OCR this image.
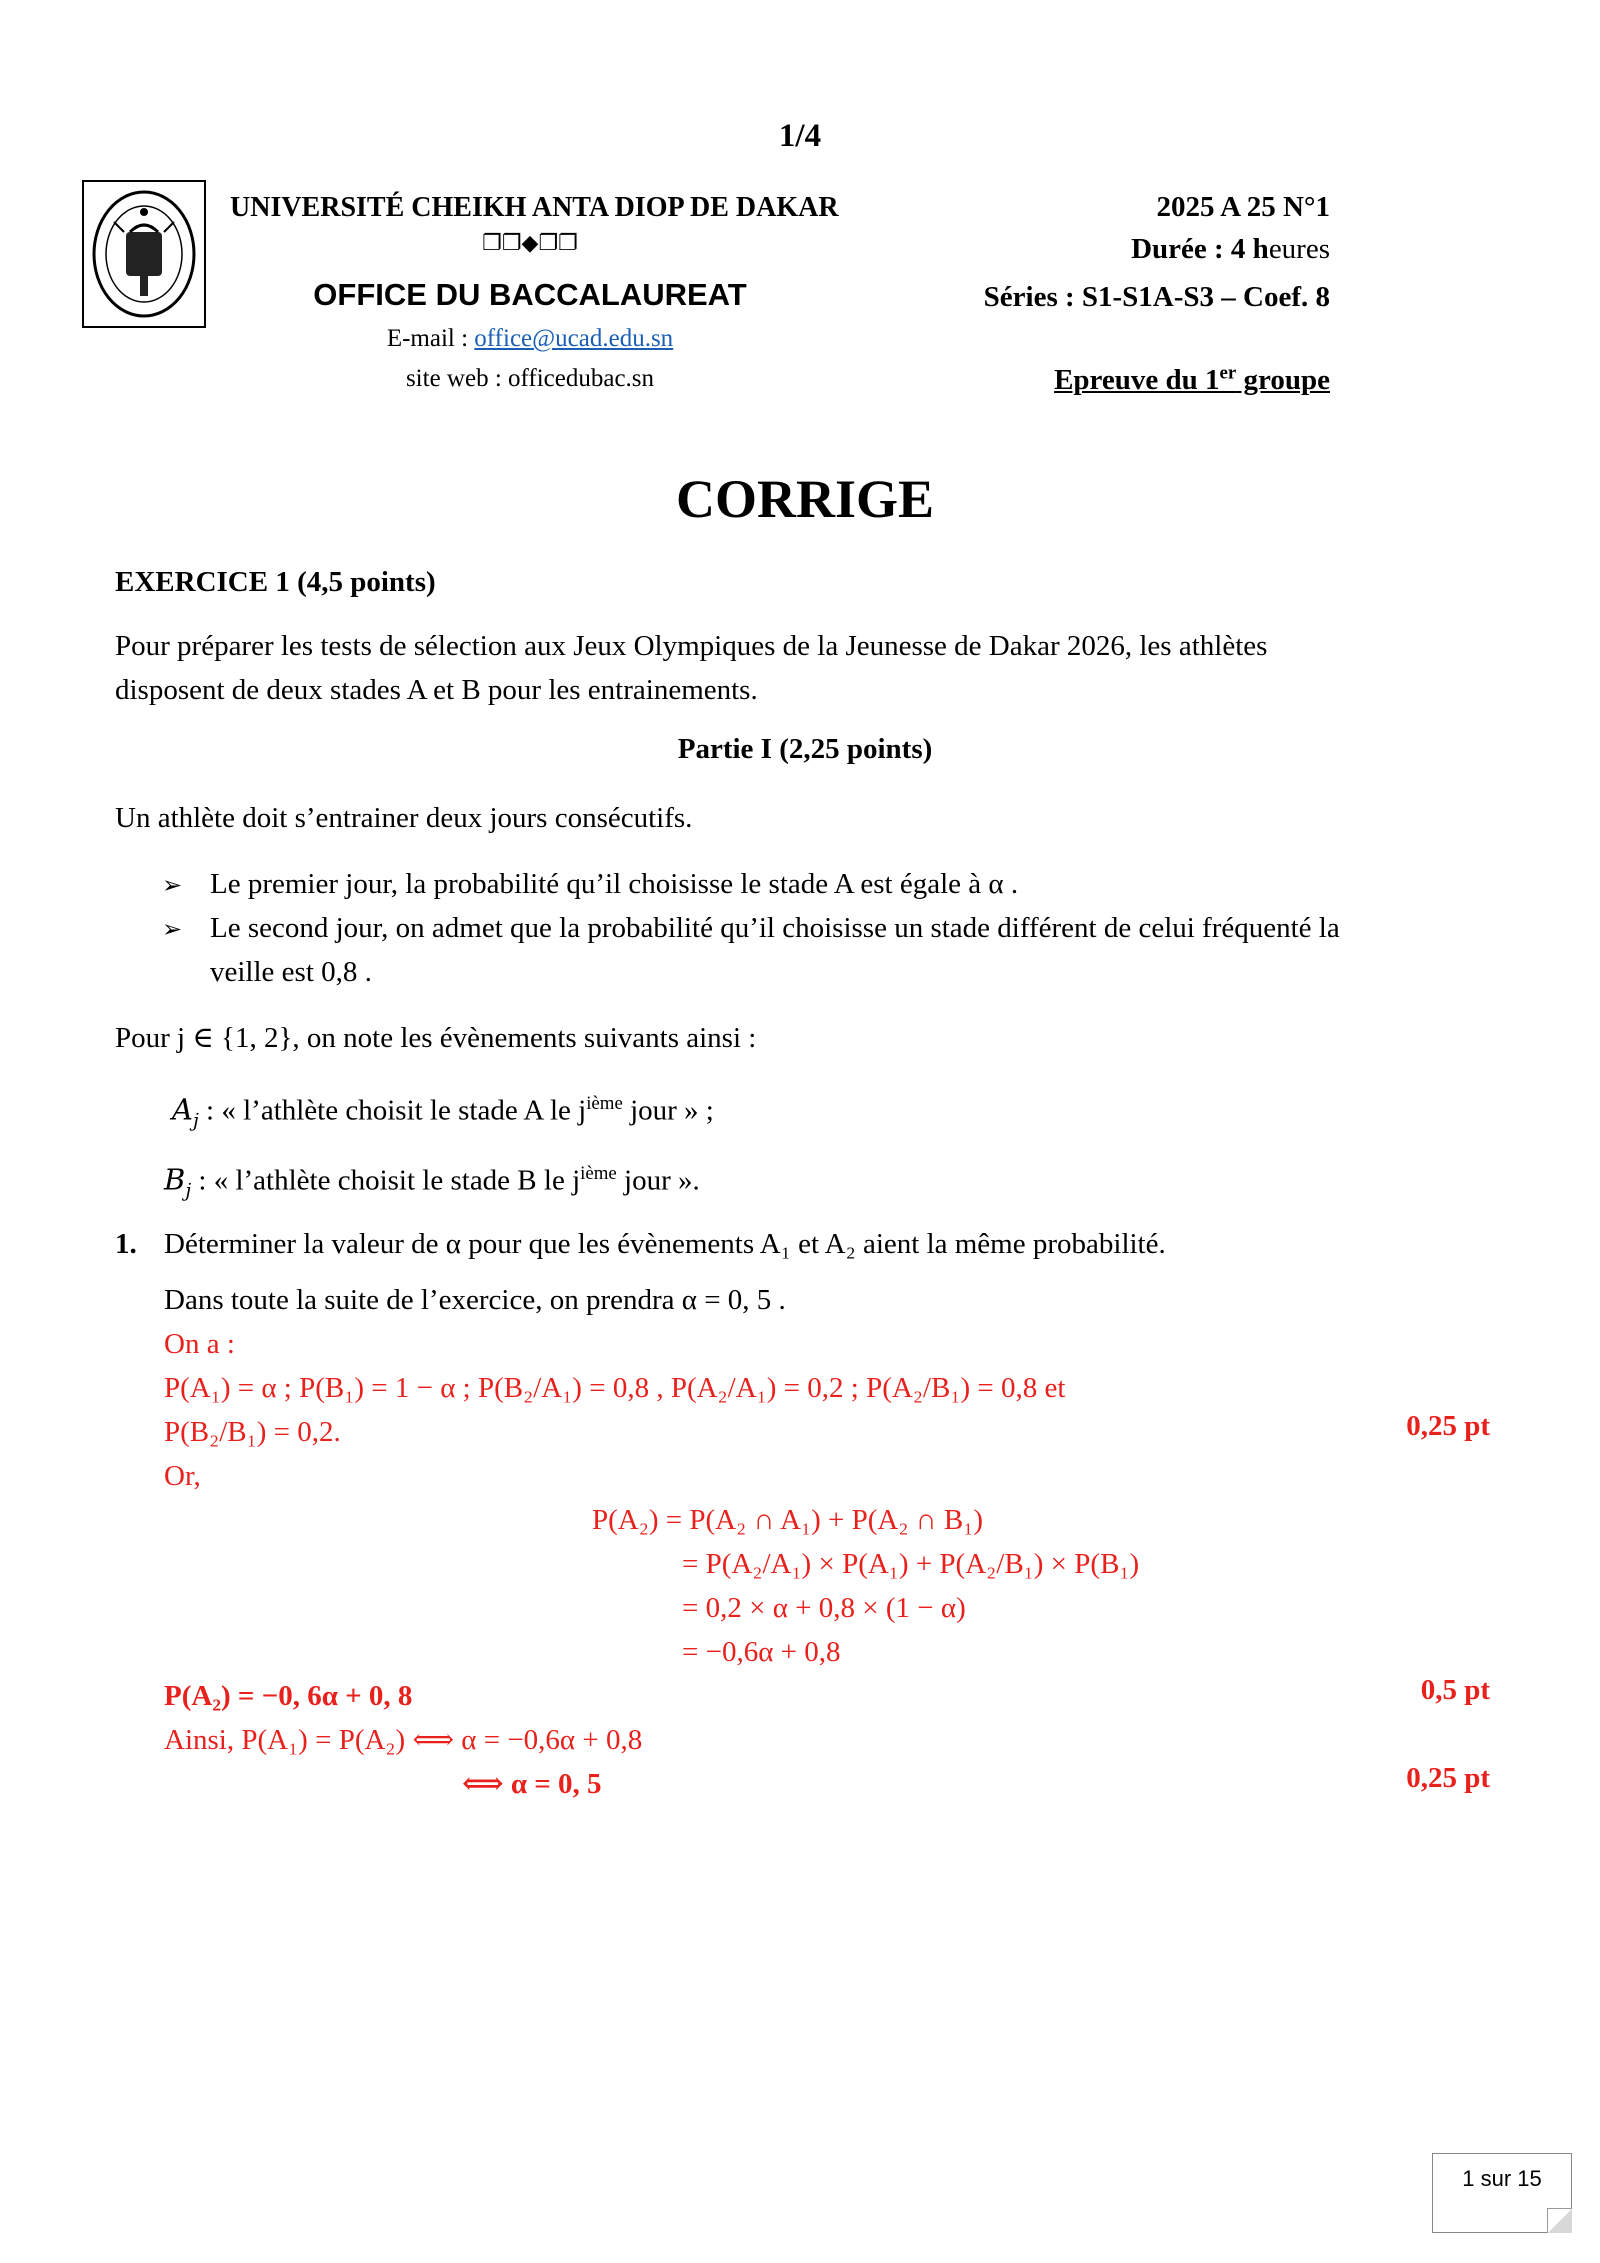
1/4
UNIVERSITÉ CHEIKH ANTA DIOP DE DAKAR
❐❐◆❐❐
OFFICE DU BACCALAUREAT
E-mail : office@ucad.edu.sn
site web : officedubac.sn
2025 A 25 N°1
Durée : 4 heures
Séries : S1-S1A-S3 – Coef. 8
Epreuve du 1er groupe
CORRIGE
EXERCICE 1 (4,5 points)
Pour préparer les tests de sélection aux Jeux Olympiques de la Jeunesse de Dakar 2026, les athlètes
disposent de deux stades A et B pour les entrainements.
Partie I (2,25 points)
Un athlète doit s’entrainer deux jours consécutifs.
➢ Le premier jour, la probabilité qu’il choisisse le stade A est égale à α .
➢ Le second jour, on admet que la probabilité qu’il choisisse un stade différent de celui fréquenté la
veille est 0,8 .
Pour j ∈ {1, 2}, on note les évènements suivants ainsi :
$A_j$ : « l’athlète choisit le stade A le $j^{ième}$ jour » ;
$B_j$ : « l’athlète choisit le stade B le $j^{ième}$ jour ».
1. Déterminer la valeur de α pour que les évènements A₁ et A₂ aient la même probabilité.
Dans toute la suite de l’exercice, on prendra α = 0, 5 .
On a :
P(A₁) = α ; P(B₁) = 1 − α ; P(B₂/A₁) = 0,8 , P(A₂/A₁) = 0,2 ; P(A₂/B₁) = 0,8 et
P(B₂/B₁) = 0,2.	0,25 pt
Or,
P(A₂) = P(A₂ ∩ A₁) + P(A₂ ∩ B₁)
= P(A₂/A₁) × P(A₁) + P(A₂/B₁) × P(B₁)
= 0,2 × α + 0,8 × (1 − α)
= −0,6α + 0,8
P(A₂) = −0, 6α + 0, 8	0,5 pt
Ainsi, P(A₁) = P(A₂) ⟺ α = −0,6α + 0,8
⟺ α = 0, 5	0,25 pt
1 sur 15
